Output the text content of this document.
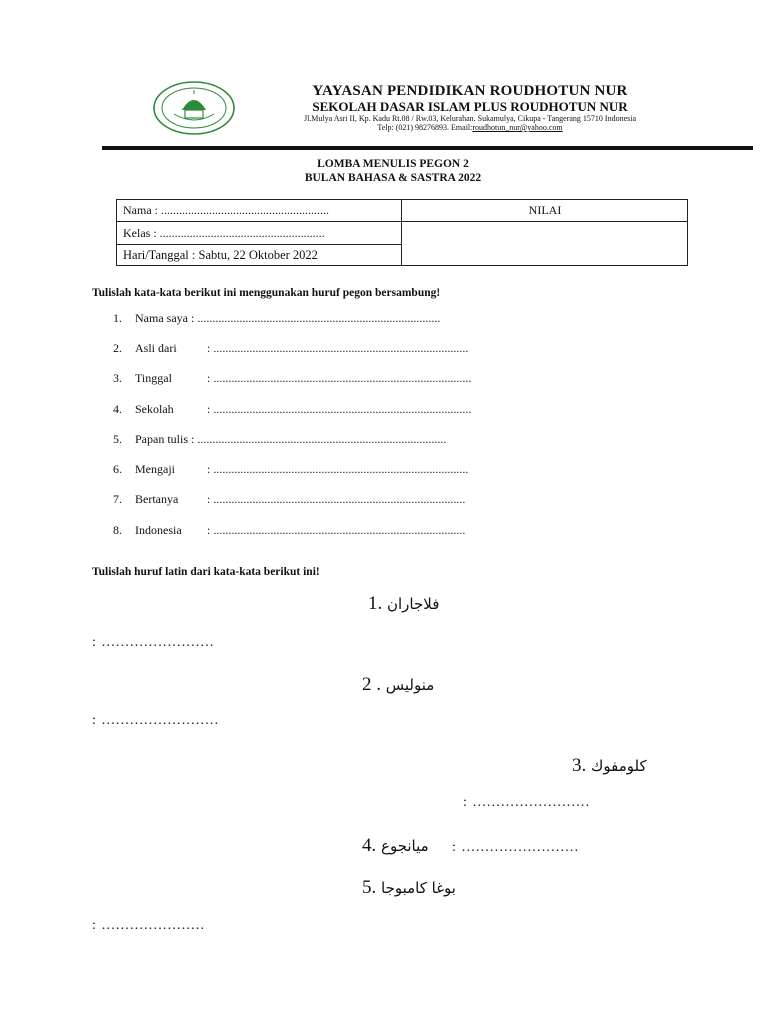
YAYASAN PENDIDIKAN ROUDHOTUN NUR
SEKOLAH DASAR ISLAM PLUS ROUDHOTUN NUR
Jl.Mulya Asri II, Kp. Kadu Rt.08 / Rw.03, Kelurahan. Sukamulya, Cikupa - Tangerang 15710 Indonesia
Telp: (021) 98276893. Email:roudhotun_nur@yahoo.com
LOMBA MENULIS PEGON 2
BULAN BAHASA & SASTRA 2022
Nama : ........................................................
Kelas : .......................................................
Hari/Tanggal : Sabtu, 22 Oktober 2022
NILAI
Tulislah kata-kata berikut ini menggunakan huruf pegon bersambung!
1. Nama saya : .................................................................................
2. Asli dari	: .....................................................................................
3. Tinggal	: ......................................................................................
4. Sekolah	: ......................................................................................
5. Papan tulis : ...................................................................................
6. Mengaji	: .....................................................................................
7. Bertanya : ....................................................................................
8. Indonesia : ....................................................................................
Tulislah huruf latin dari kata-kata berikut ini!
1. فلاجاران
: ........................
2 . منوليس
: .........................
3. كلومفوك
: .........................
4. ميانجوع : .........................
5. بوغا كامبوجا
: ......................
